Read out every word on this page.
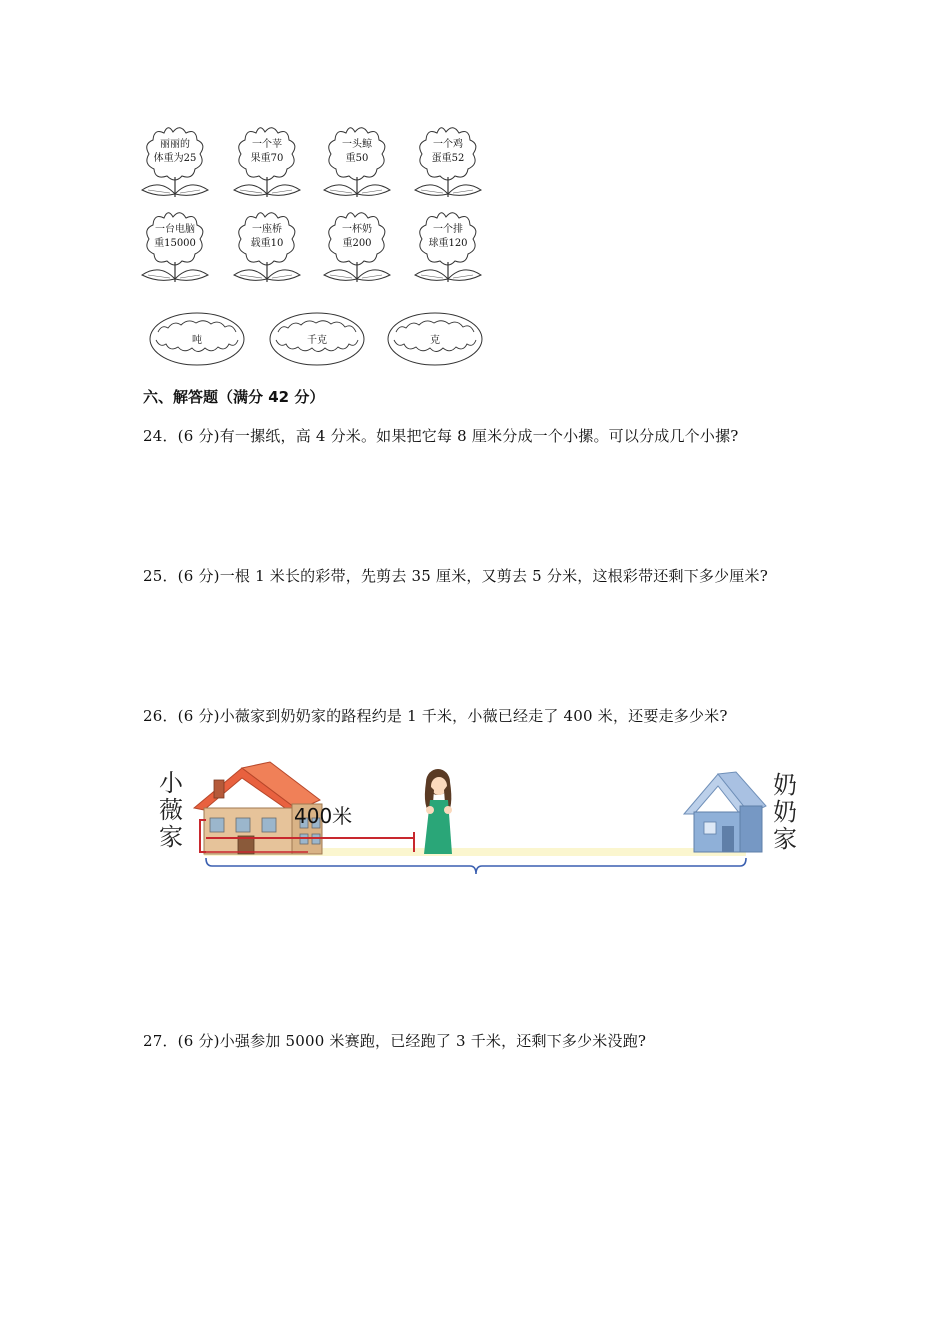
丽丽的
体重为25
一个苹
果重70
一头鲸
重50
一个鸡
蛋重52
一台电脑
重15000
一座桥
载重10
一杯奶
重200
一个排
球重120
吨	千克	克
六、解答题（满分 42 分）
24．(6 分)有一摞纸，高 4 分米。如果把它每 8 厘米分成一个小摞。可以分成几个小摞?
25．(6 分)一根 1 米长的彩带，先剪去 35 厘米，又剪去 5 分米，这根彩带还剩下多少厘米?
26．(6 分)小薇家到奶奶家的路程约是 1 千米，小薇已经走了 400 米，还要走多少米?
小
薇
家
400米
奶
奶
家
27．(6 分)小强参加 5000 米赛跑，已经跑了 3 千米，还剩下多少米没跑?
